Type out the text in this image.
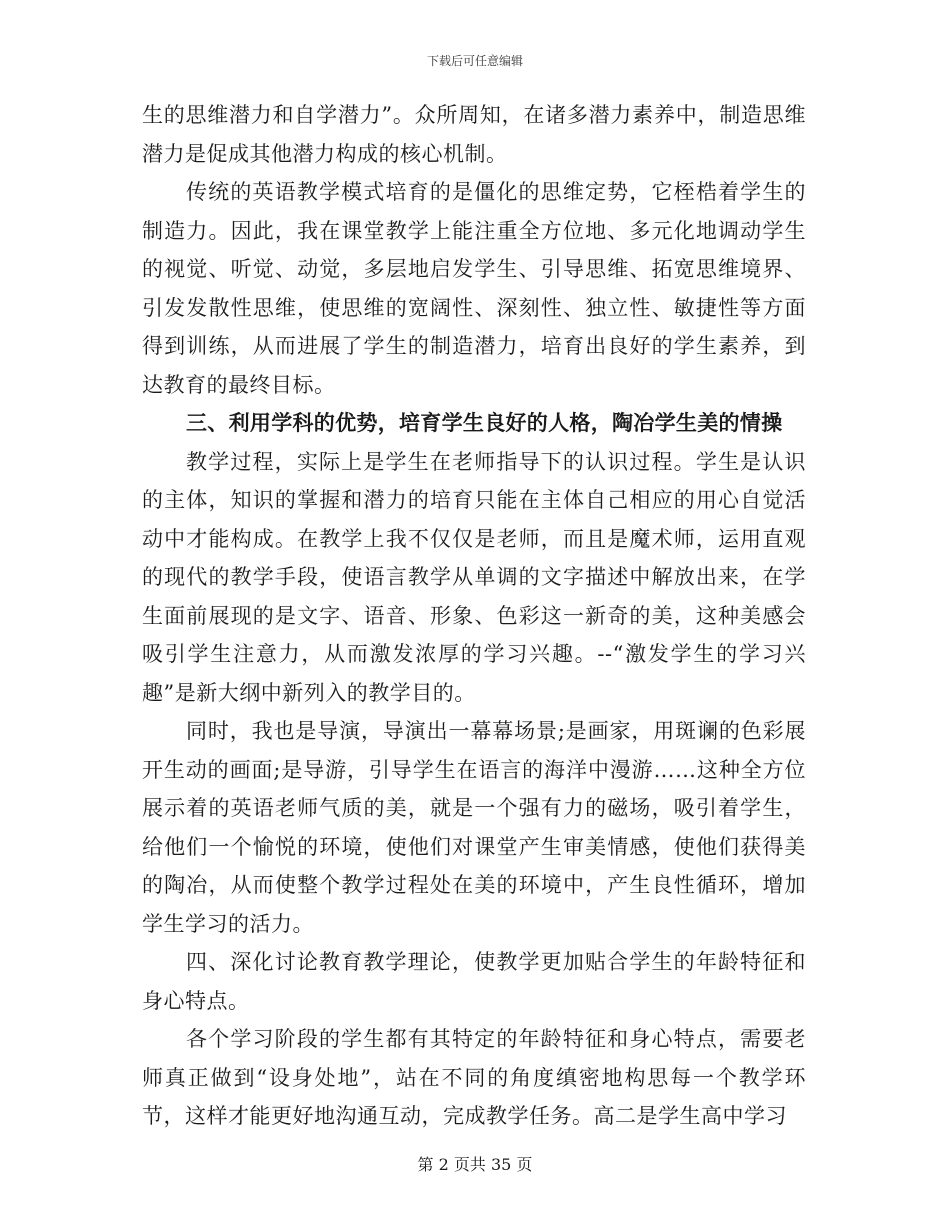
下载后可任意编辑

生的思维潜力和自学潜力”。众所周知，在诸多潜力素养中，制造思维潜力是促成其他潜力构成的核心机制。

传统的英语教学模式培育的是僵化的思维定势，它桎梏着学生的制造力。因此，我在课堂教学上能注重全方位地、多元化地调动学生的视觉、听觉、动觉，多层地启发学生、引导思维、拓宽思维境界、引发发散性思维，使思维的宽阔性、深刻性、独立性、敏捷性等方面得到训练，从而进展了学生的制造潜力，培育出良好的学生素养，到达教育的最终目标。

三、利用学科的优势，培育学生良好的人格，陶冶学生美的情操

教学过程，实际上是学生在老师指导下的认识过程。学生是认识的主体，知识的掌握和潜力的培育只能在主体自己相应的用心自觉活动中才能构成。在教学上我不仅仅是老师，而且是魔术师，运用直观的现代的教学手段，使语言教学从单调的文字描述中解放出来，在学生面前展现的是文字、语音、形象、色彩这一新奇的美，这种美感会吸引学生注意力，从而激发浓厚的学习兴趣。--“激发学生的学习兴趣”是新大纲中新列入的教学目的。

同时，我也是导演，导演出一幕幕场景;是画家，用斑谰的色彩展开生动的画面;是导游，引导学生在语言的海洋中漫游……这种全方位展示着的英语老师气质的美，就是一个强有力的磁场，吸引着学生，给他们一个愉悦的环境，使他们对课堂产生审美情感，使他们获得美的陶冶，从而使整个教学过程处在美的环境中，产生良性循环，增加学生学习的活力。

四、深化讨论教育教学理论，使教学更加贴合学生的年龄特征和身心特点。

各个学习阶段的学生都有其特定的年龄特征和身心特点，需要老师真正做到“设身处地”，站在不同的角度缜密地构思每一个教学环节，这样才能更好地沟通互动，完成教学任务。高二是学生高中学习

第 2 页共 35 页
